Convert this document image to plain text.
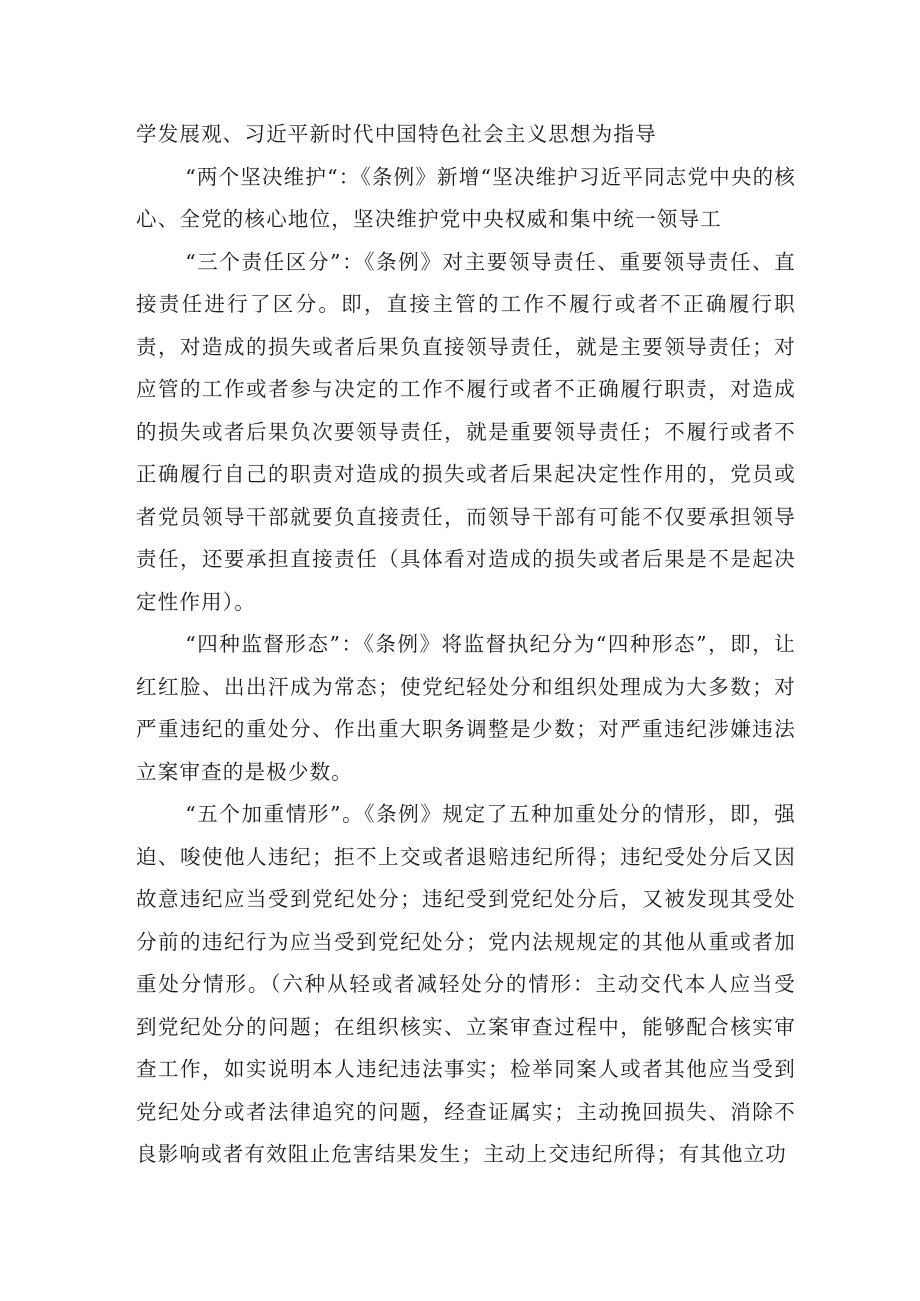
学发展观、习近平新时代中国特色社会主义思想为指导

“两个坚决维护“：《条例》新增“坚决维护习近平同志党中央的核心、全党的核心地位，坚决维护党中央权威和集中统一领导工

“三个责任区分”：《条例》对主要领导责任、重要领导责任、直接责任进行了区分。即，直接主管的工作不履行或者不正确履行职责，对造成的损失或者后果负直接领导责任，就是主要领导责任；对应管的工作或者参与决定的工作不履行或者不正确履行职责，对造成的损失或者后果负次要领导责任，就是重要领导责任；不履行或者不正确履行自己的职责对造成的损失或者后果起决定性作用的，党员或者党员领导干部就要负直接责任，而领导干部有可能不仅要承担领导责任，还要承担直接责任（具体看对造成的损失或者后果是不是起决定性作用）。

“四种监督形态”：《条例》将监督执纪分为“四种形态”，即，让红红脸、出出汗成为常态；使党纪轻处分和组织处理成为大多数；对严重违纪的重处分、作出重大职务调整是少数；对严重违纪涉嫌违法立案审查的是极少数。

“五个加重情形”。《条例》规定了五种加重处分的情形，即，强迫、唆使他人违纪；拒不上交或者退赔违纪所得；违纪受处分后又因故意违纪应当受到党纪处分；违纪受到党纪处分后，又被发现其受处分前的违纪行为应当受到党纪处分；党内法规规定的其他从重或者加重处分情形。（六种从轻或者减轻处分的情形：主动交代本人应当受到党纪处分的问题；在组织核实、立案审查过程中，能够配合核实审查工作，如实说明本人违纪违法事实；检举同案人或者其他应当受到党纪处分或者法律追究的问题，经查证属实；主动挽回损失、消除不良影响或者有效阻止危害结果发生；主动上交违纪所得；有其他立功
